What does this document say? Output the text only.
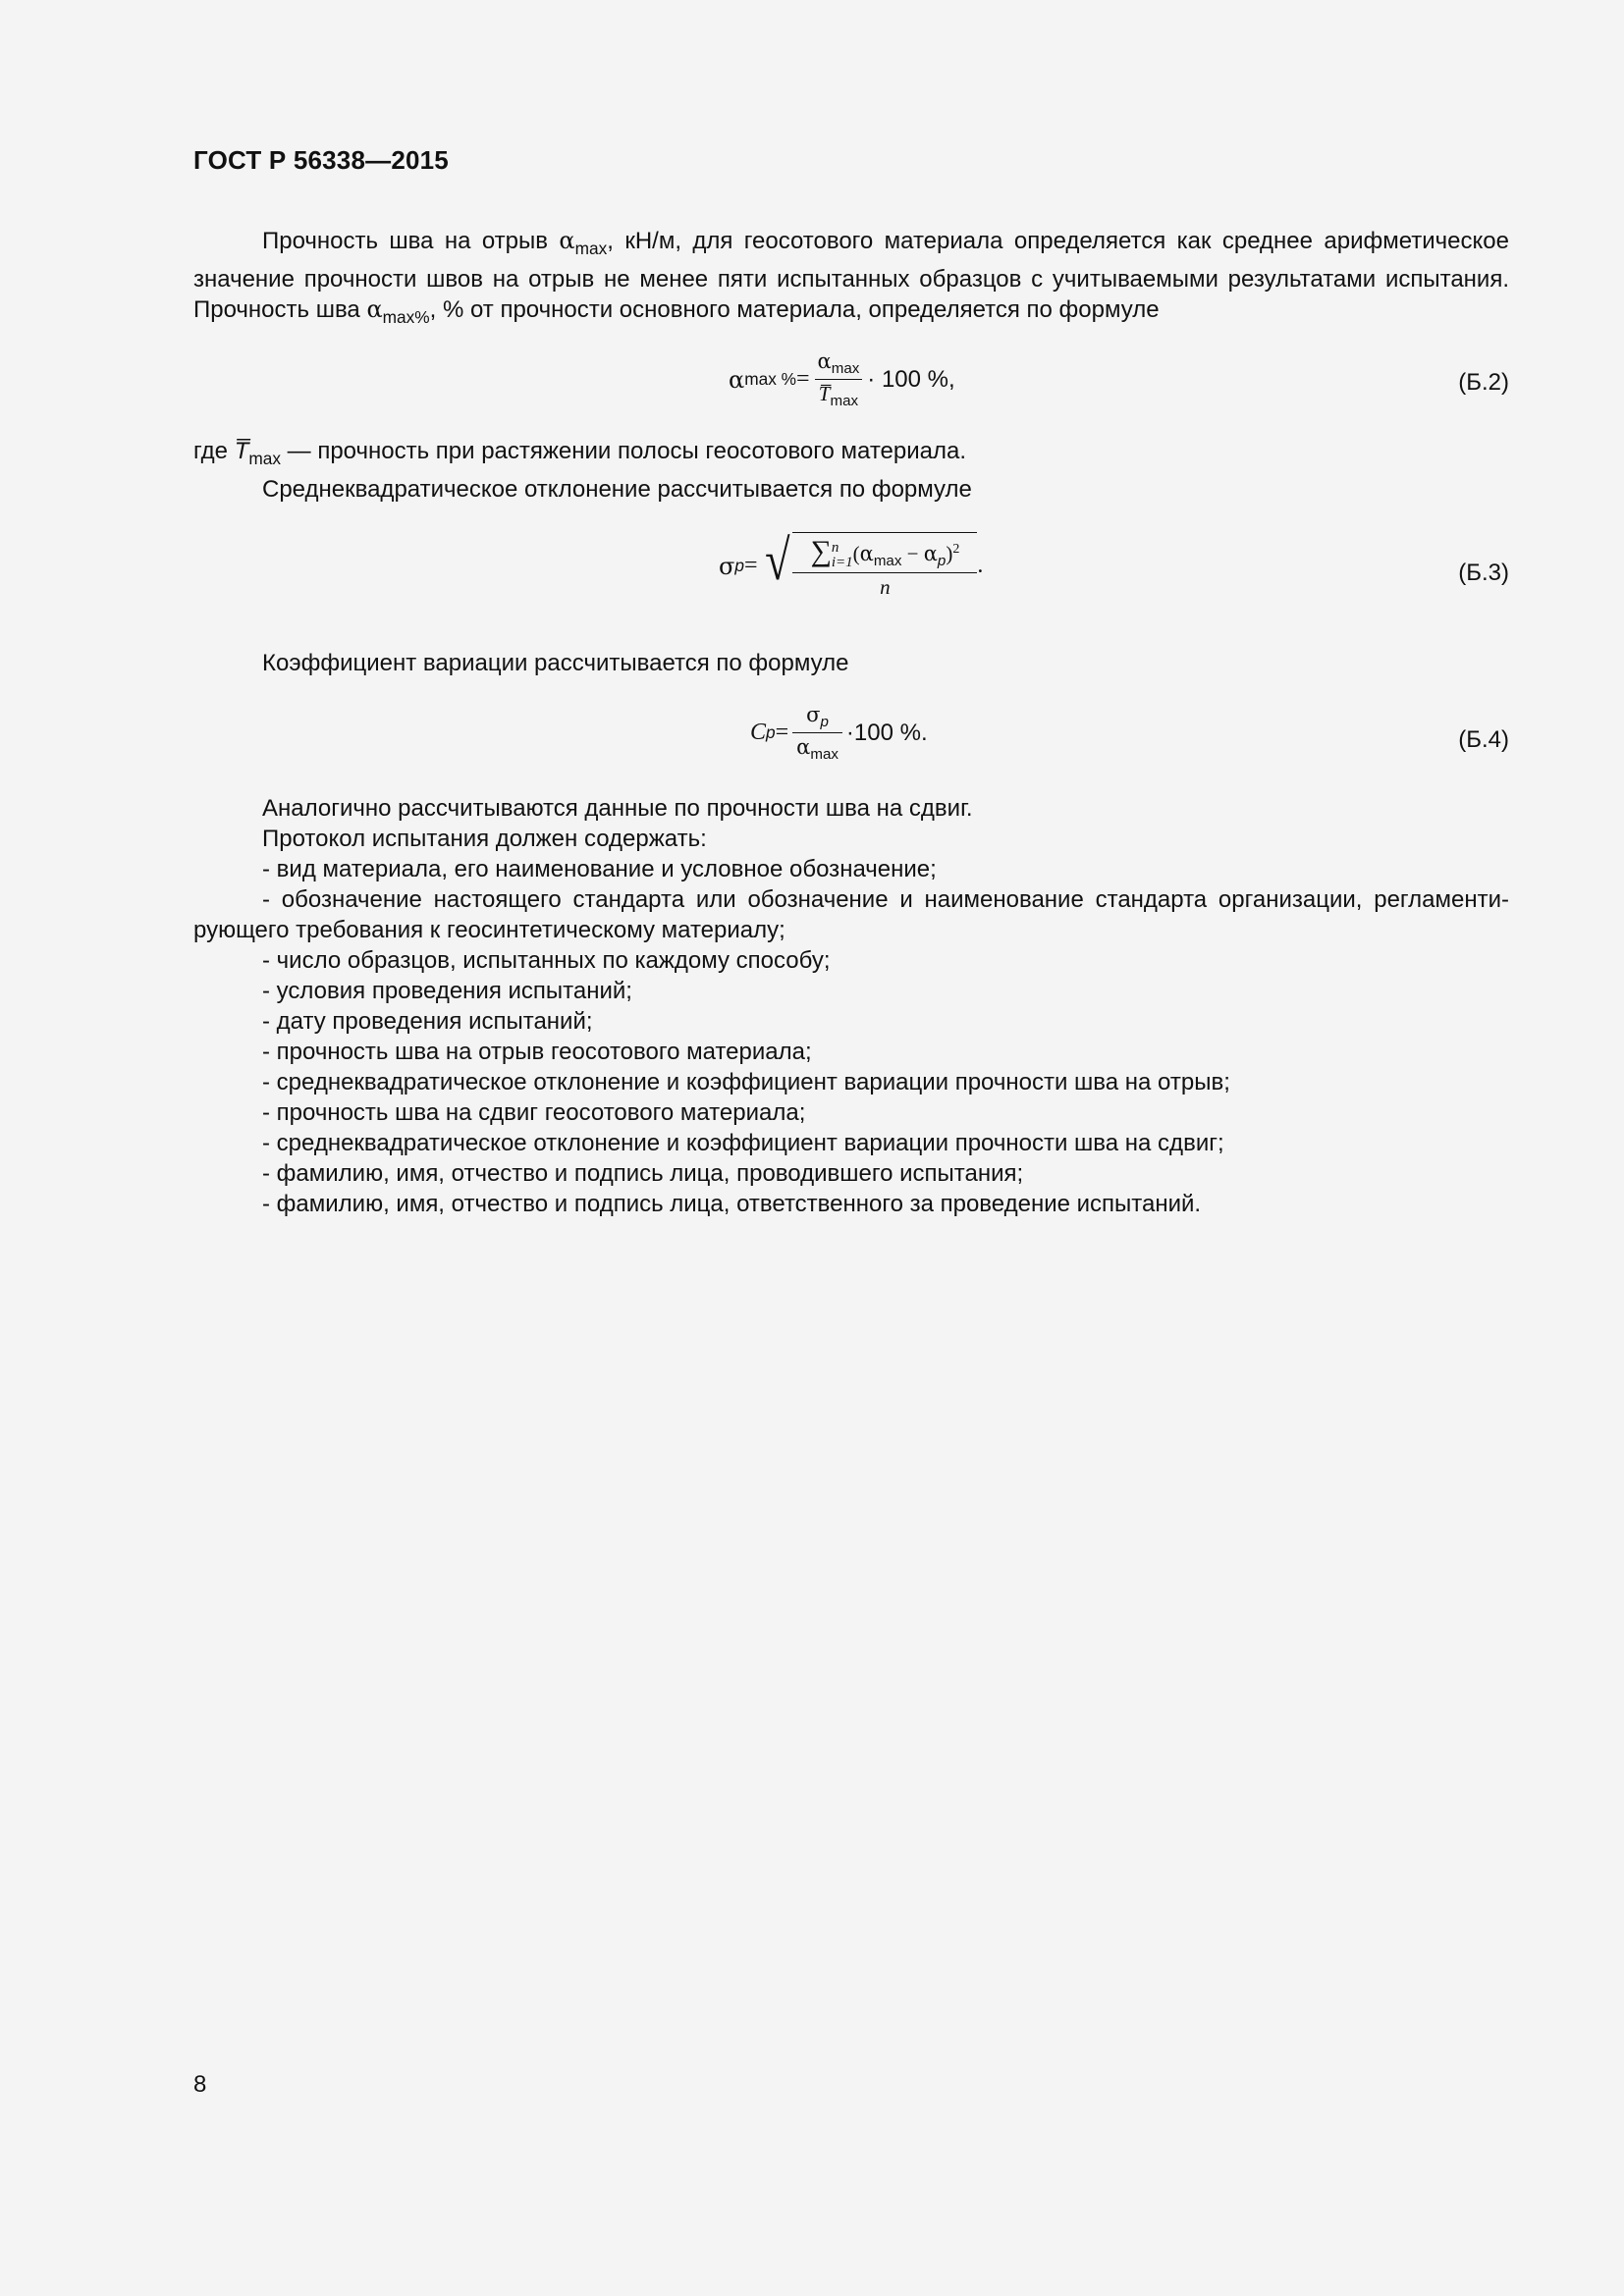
ГОСТ Р 56338—2015
Прочность шва на отрыв $\alpha_{max}$, кН/м, для геосотового материала определяется как среднее арифметическое значение прочности швов на отрыв не менее пяти испытанных образцов с учитываемыми результатами испытания. Прочность шва $\alpha_{max\%}$, % от прочности основного материала, определяется по формуле
α max % = $\frac{\alpha_{max}}{T̅_{max}} \cdot 100$ %,	(Б.2)
где $T̅_{max}$ — прочность при растяжении полосы геосотового материала.
Среднеквадратическое отклонение рассчитывается по формуле
σ p = √ ∑ n
i=1 $(\alpha_{max} - \alpha_p)^2$
n .	(Б.3)
Коэффициент вариации рассчитывается по формуле
C $p = \frac{\sigma_p}{\alpha_{max}} \cdot 100$ %.	(Б.4)
Аналогично рассчитываются данные по прочности шва на сдвиг.
Протокол испытания должен содержать:
- вид материала, его наименование и условное обозначение;
- обозначение настоящего стандарта или обозначение и наименование стандарта организации, регламенти-рующего требования к геосинтетическому материалу;
- число образцов, испытанных по каждому способу;
- условия проведения испытаний;
- дату проведения испытаний;
- прочность шва на отрыв геосотового материала;
- среднеквадратическое отклонение и коэффициент вариации прочности шва на отрыв;
- прочность шва на сдвиг геосотового материала;
- среднеквадратическое отклонение и коэффициент вариации прочности шва на сдвиг;
- фамилию, имя, отчество и подпись лица, проводившего испытания;
- фамилию, имя, отчество и подпись лица, ответственного за проведение испытаний.
8
